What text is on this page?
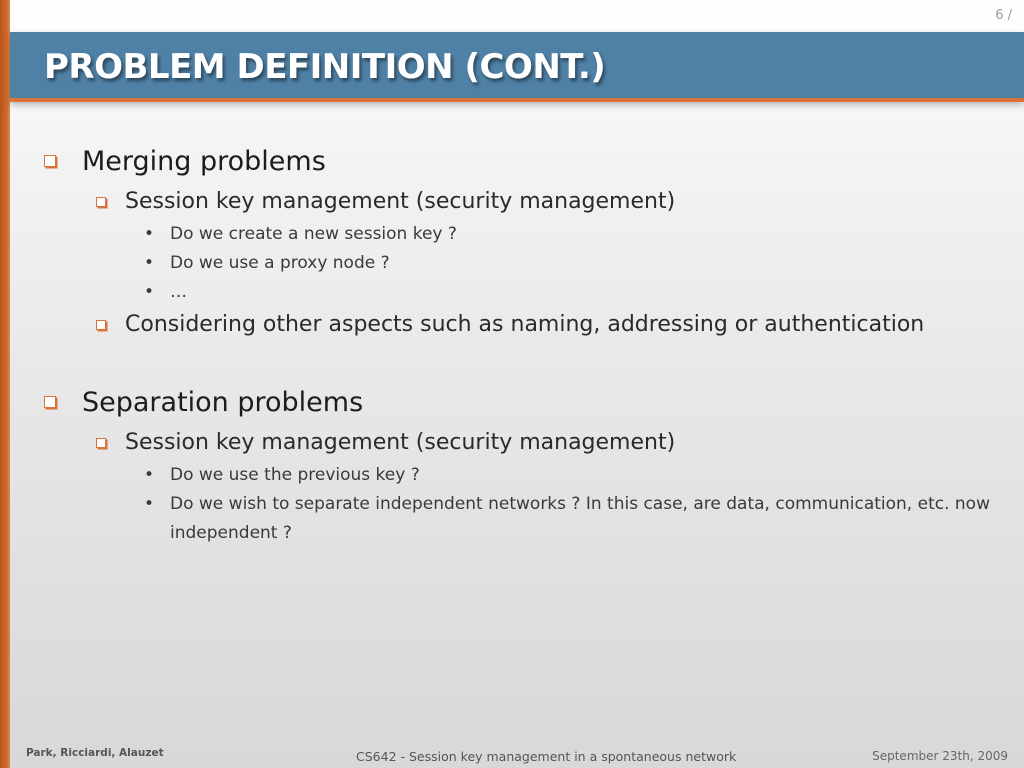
6 /
PROBLEM DEFINITION (CONT.)
Merging problems
Session key management (security management)
• Do we create a new session key ?
• Do we use a proxy node ?
• …
Considering other aspects such as naming, addressing or authentication
Separation problems
Session key management (security management)
• Do we use the previous key ?
• Do we wish to separate independent networks ? In this case, are data, communication, etc. now independent ?
Park, Ricciardi, Alauzet	CS642 - Session key management in a spontaneous network	September 23th, 2009
